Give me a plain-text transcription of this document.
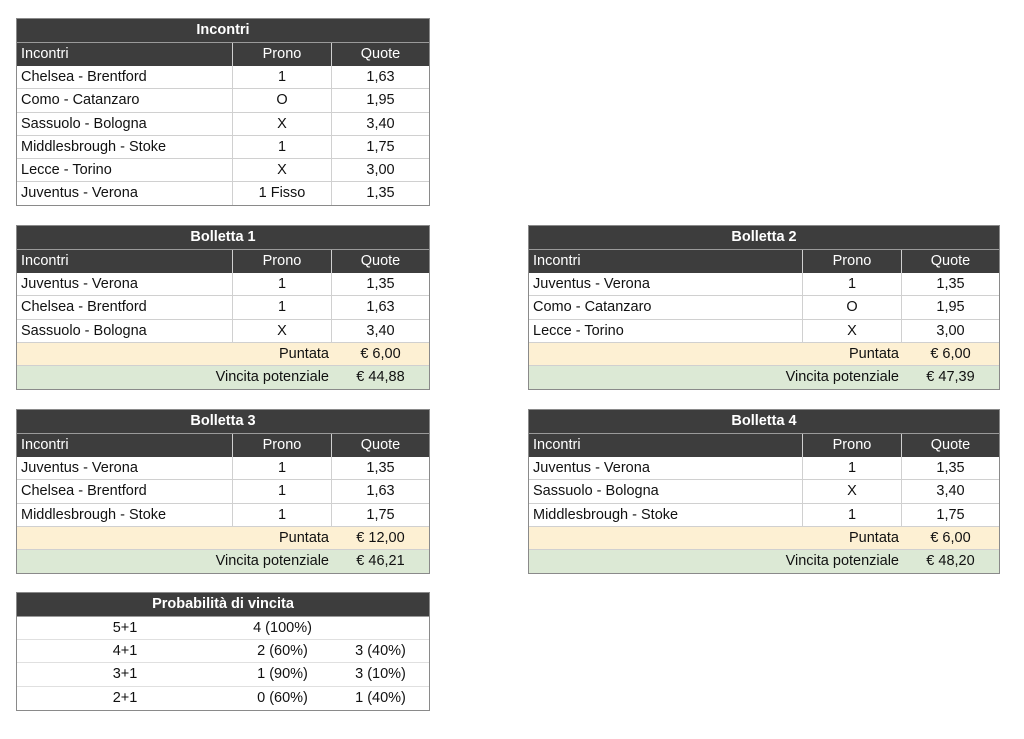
Incontri
Incontri	Prono	Quote
Chelsea - Brentford	1	1,63
Como - Catanzaro	O	1,95
Sassuolo - Bologna	X	3,40
Middlesbrough - Stoke	1	1,75
Lecce - Torino	X	3,00
Juventus - Verona	1 Fisso	1,35
Bolletta 1
Incontri	Prono	Quote
Juventus - Verona	1	1,35
Chelsea - Brentford	1	1,63
Sassuolo - Bologna	X	3,40
Puntata	€ 6,00
Vincita potenziale	€ 44,88
Bolletta 2
Incontri	Prono	Quote
Juventus - Verona	1	1,35
Como - Catanzaro	O	1,95
Lecce - Torino	X	3,00
Puntata	€ 6,00
Vincita potenziale	€ 47,39
Bolletta 3
Incontri	Prono	Quote
Juventus - Verona	1	1,35
Chelsea - Brentford	1	1,63
Middlesbrough - Stoke	1	1,75
Puntata	€ 12,00
Vincita potenziale	€ 46,21
Bolletta 4
Incontri	Prono	Quote
Juventus - Verona	1	1,35
Sassuolo - Bologna	X	3,40
Middlesbrough - Stoke	1	1,75
Puntata	€ 6,00
Vincita potenziale	€ 48,20
Probabilità di vincita
5+1	4 (100%)
4+1	2 (60%)	3 (40%)
3+1	1 (90%)	3 (10%)
2+1	0 (60%)	1 (40%)
